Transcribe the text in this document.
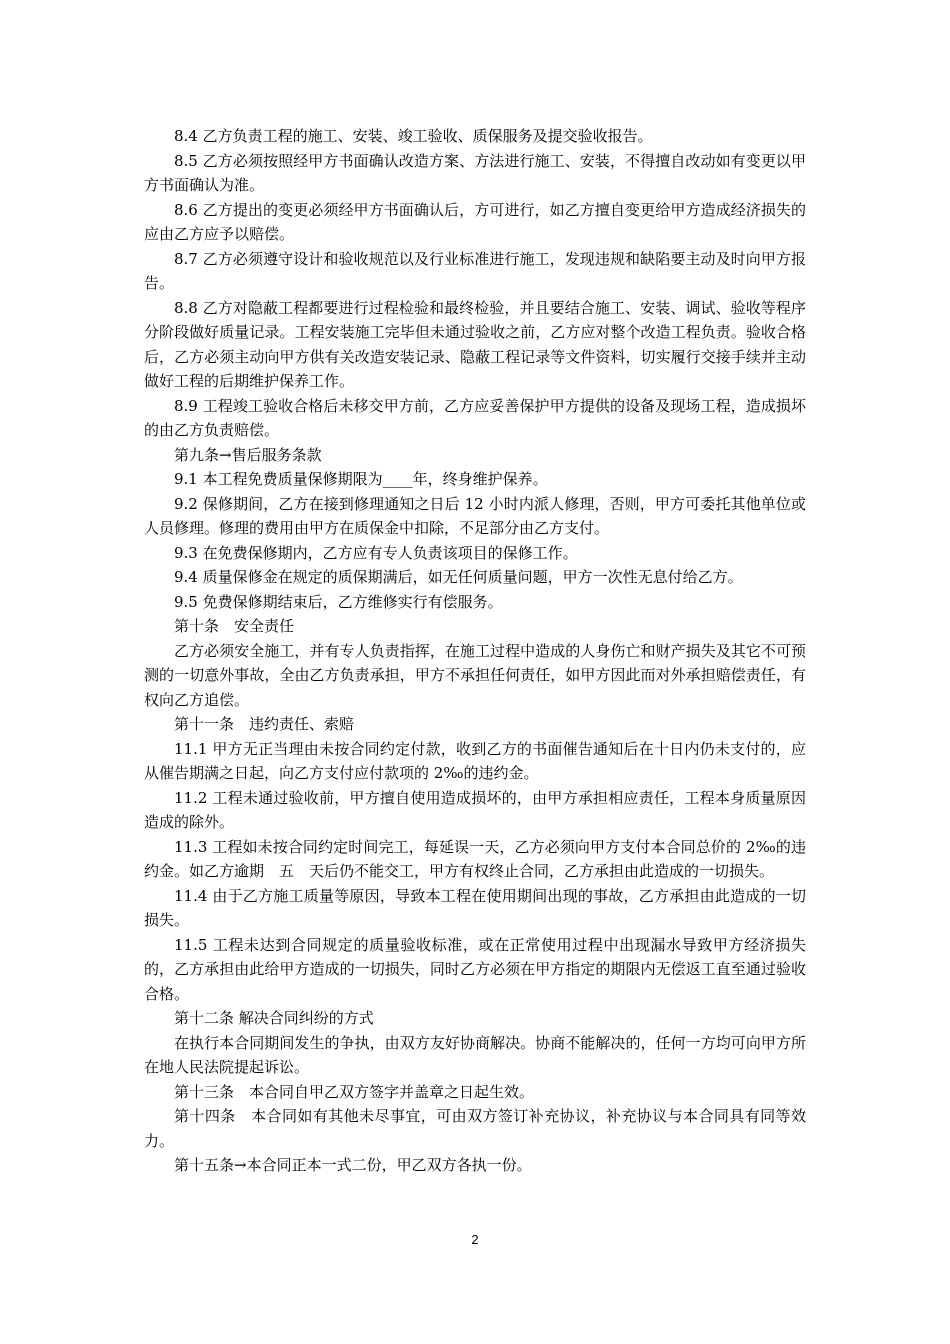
8.4 乙方负责工程的施工、安装、竣工验收、质保服务及提交验收报告。

8.5 乙方必须按照经甲方书面确认改造方案、方法进行施工、安装，不得擅自改动如有变更以甲方书面确认为准。

8.6 乙方提出的变更必须经甲方书面确认后，方可进行，如乙方擅自变更给甲方造成经济损失的应由乙方应予以赔偿。

8.7 乙方必须遵守设计和验收规范以及行业标准进行施工，发现违规和缺陷要主动及时向甲方报告。

8.8 乙方对隐蔽工程都要进行过程检验和最终检验，并且要结合施工、安装、调试、验收等程序分阶段做好质量记录。工程安装施工完毕但未通过验收之前，乙方应对整个改造工程负责。验收合格后，乙方必须主动向甲方供有关改造安装记录、隐蔽工程记录等文件资料，切实履行交接手续并主动做好工程的后期维护保养工作。

8.9 工程竣工验收合格后未移交甲方前，乙方应妥善保护甲方提供的设备及现场工程，造成损坏的由乙方负责赔偿。

第九条→售后服务条款

9.1 本工程免费质量保修期限为____年，终身维护保养。

9.2 保修期间，乙方在接到修理通知之日后 12 小时内派人修理，否则，甲方可委托其他单位或人员修理。修理的费用由甲方在质保金中扣除，不足部分由乙方支付。

9.3 在免费保修期内，乙方应有专人负责该项目的保修工作。

9.4 质量保修金在规定的质保期满后，如无任何质量问题，甲方一次性无息付给乙方。

9.5 免费保修期结束后，乙方维修实行有偿服务。

第十条　安全责任

乙方必须安全施工，并有专人负责指挥，在施工过程中造成的人身伤亡和财产损失及其它不可预测的一切意外事故，全由乙方负责承担，甲方不承担任何责任，如甲方因此而对外承担赔偿责任，有权向乙方追偿。

第十一条　违约责任、索赔

11.1 甲方无正当理由未按合同约定付款，收到乙方的书面催告通知后在十日内仍未支付的，应从催告期满之日起，向乙方支付应付款项的 2‰的违约金。

11.2 工程未通过验收前，甲方擅自使用造成损坏的，由甲方承担相应责任，工程本身质量原因造成的除外。

11.3 工程如未按合同约定时间完工，每延误一天，乙方必须向甲方支付本合同总价的 2‰的违约金。如乙方逾期　五　天后仍不能交工，甲方有权终止合同，乙方承担由此造成的一切损失。

11.4 由于乙方施工质量等原因，导致本工程在使用期间出现的事故，乙方承担由此造成的一切损失。

11.5 工程未达到合同规定的质量验收标准，或在正常使用过程中出现漏水导致甲方经济损失的，乙方承担由此给甲方造成的一切损失，同时乙方必须在甲方指定的期限内无偿返工直至通过验收合格。

第十二条 解决合同纠纷的方式

在执行本合同期间发生的争执，由双方友好协商解决。协商不能解决的，任何一方均可向甲方所在地人民法院提起诉讼。

第十三条　本合同自甲乙双方签字并盖章之日起生效。

第十四条　本合同如有其他未尽事宜，可由双方签订补充协议，补充协议与本合同具有同等效力。

第十五条→本合同正本一式二份，甲乙双方各执一份。

2
